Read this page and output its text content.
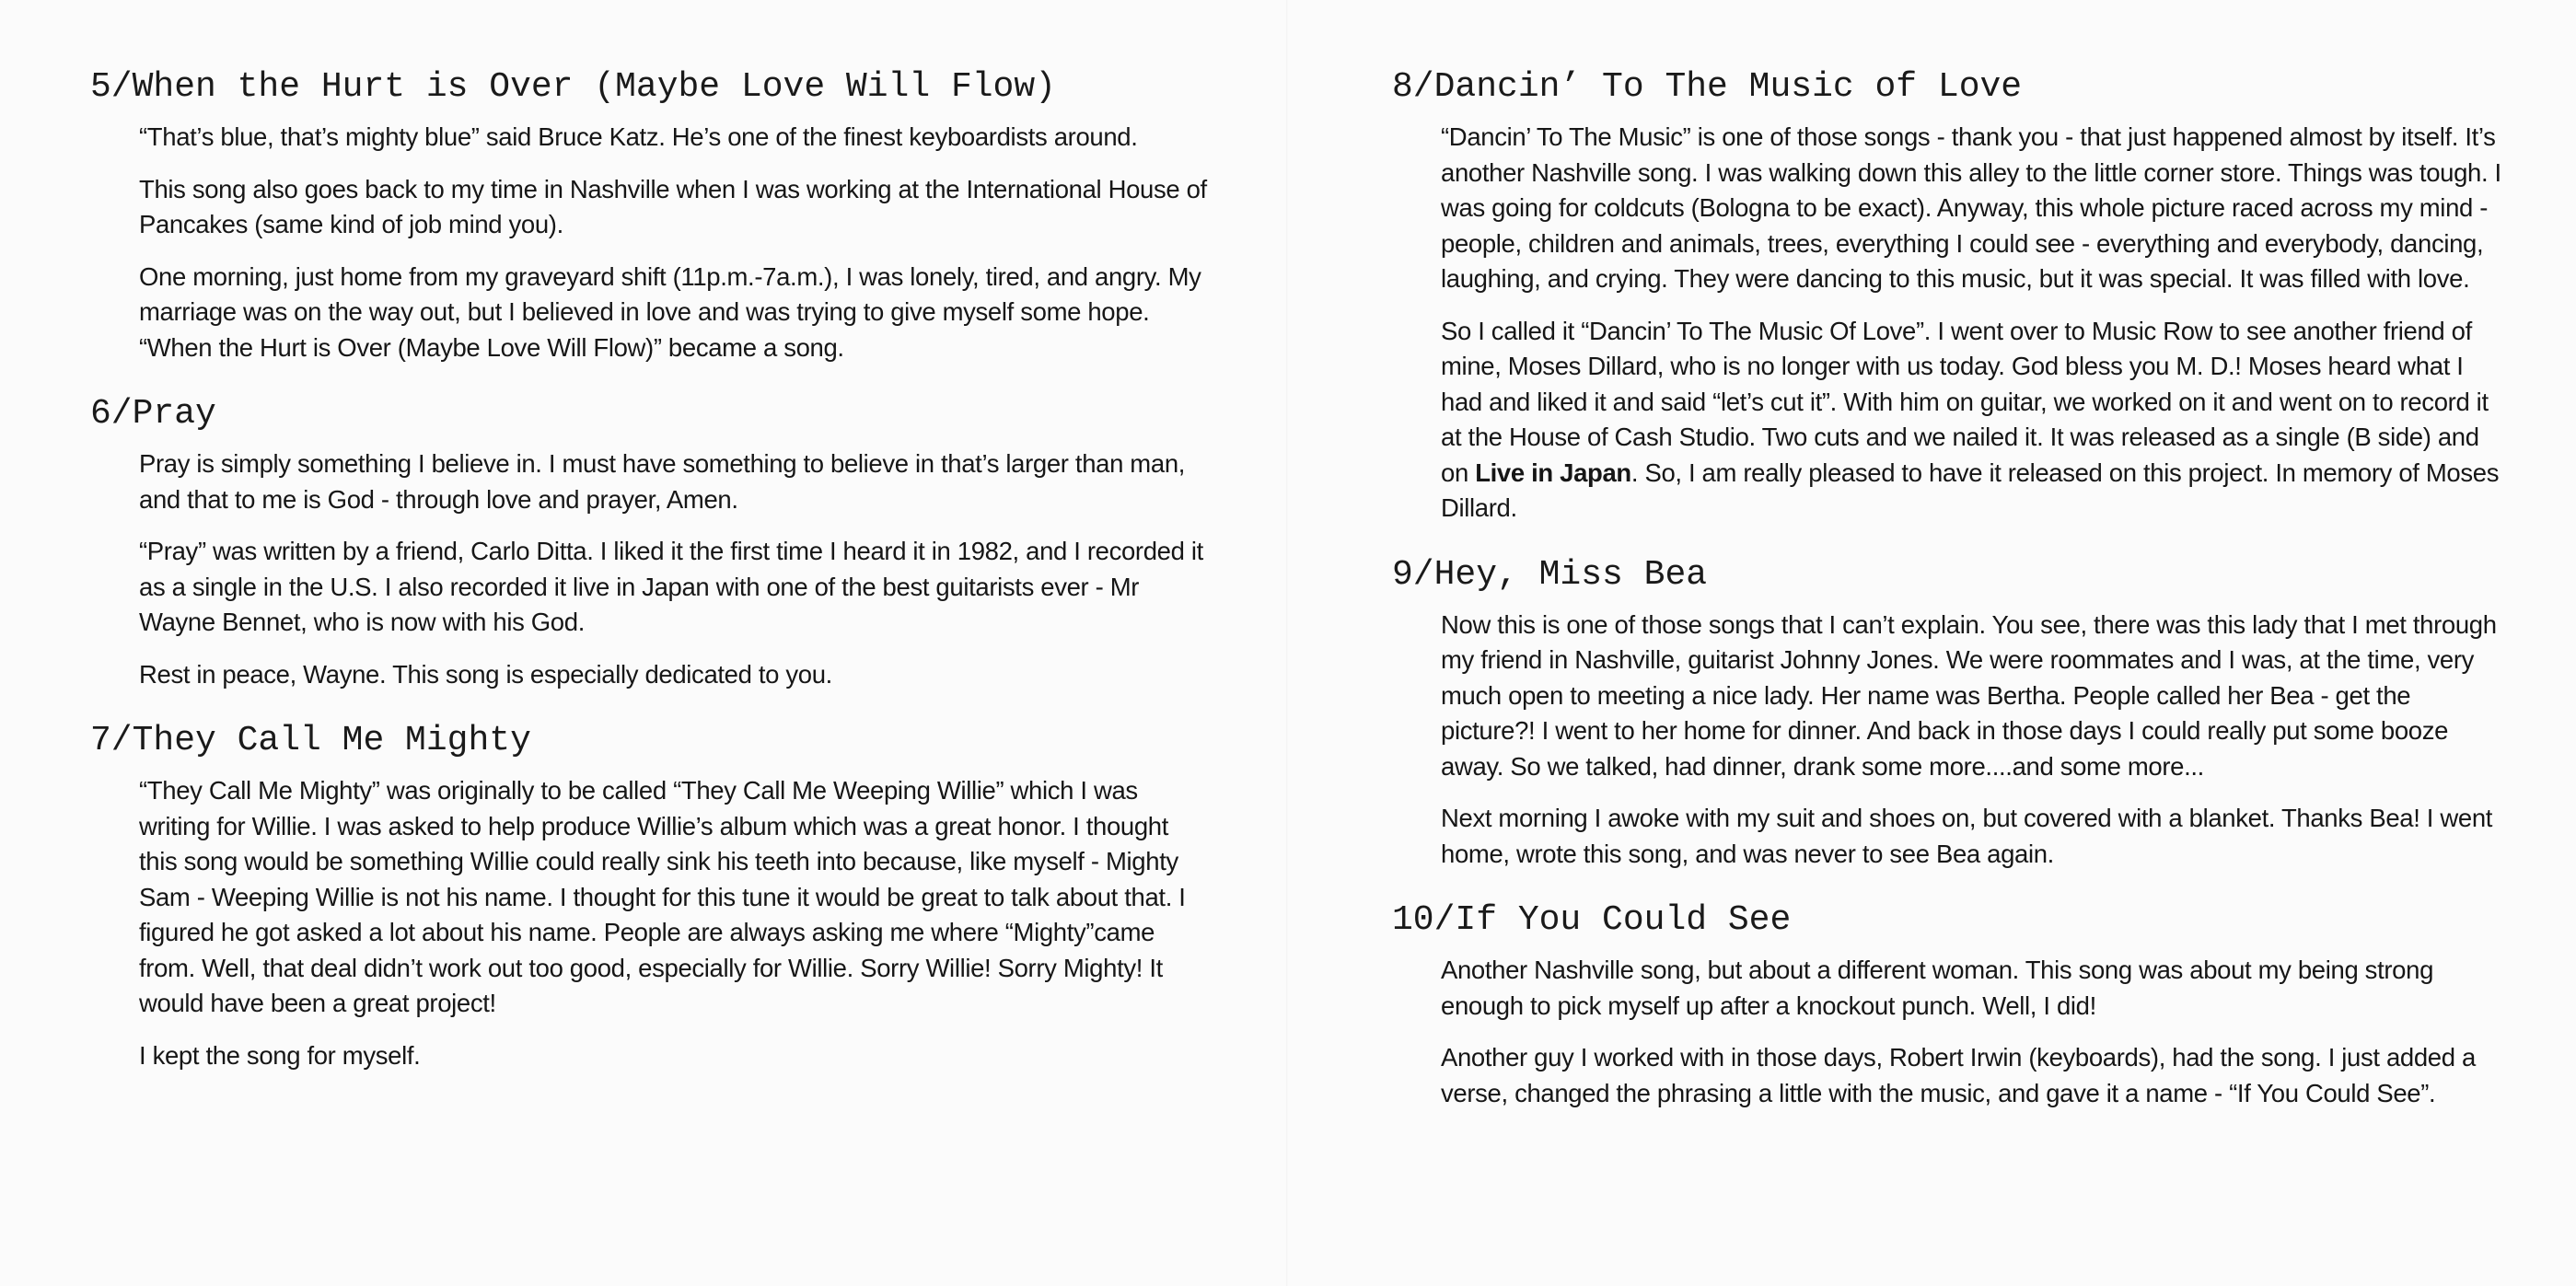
5/When the Hurt is Over (Maybe Love Will Flow)

“That’s blue, that’s mighty blue” said Bruce Katz. He’s one of the finest keyboardists around.

This song also goes back to my time in Nashville when I was working at the International House of Pancakes (same kind of job mind you).

One morning, just home from my graveyard shift (11p.m.-7a.m.), I was lonely, tired, and angry. My marriage was on the way out, but I believed in love and was trying to give myself some hope. “When the Hurt is Over (Maybe Love Will Flow)” became a song.

6/Pray

Pray is simply something I believe in. I must have something to believe in that’s larger than man, and that to me is God - through love and prayer, Amen.

“Pray” was written by a friend, Carlo Ditta. I liked it the first time I heard it in 1982, and I recorded it as a single in the U.S. I also recorded it live in Japan with one of the best guitarists ever - Mr Wayne Bennet, who is now with his God.

Rest in peace, Wayne. This song is especially dedicated to you.

7/They Call Me Mighty

“They Call Me Mighty” was originally to be called “They Call Me Weeping Willie” which I was writing for Willie. I was asked to help produce Willie’s album which was a great honor. I thought this song would be something Willie could really sink his teeth into because, like myself - Mighty Sam - Weeping Willie is not his name. I thought for this tune it would be great to talk about that. I figured he got asked a lot about his name. People are always asking me where “Mighty”came from. Well, that deal didn’t work out too good, especially for Willie. Sorry Willie! Sorry Mighty! It would have been a great project!

I kept the song for myself.

8/Dancin’ To The Music of Love

“Dancin’ To The Music” is one of those songs - thank you - that just happened almost by itself. It’s another Nashville song. I was walking down this alley to the little corner store. Things was tough. I was going for coldcuts (Bologna to be exact). Anyway, this whole picture raced across my mind - people, children and animals, trees, everything I could see - everything and everybody, dancing, laughing, and crying. They were dancing to this music, but it was special. It was filled with love.

So I called it “Dancin’ To The Music Of Love”. I went over to Music Row to see another friend of mine, Moses Dillard, who is no longer with us today. God bless you M. D.! Moses heard what I had and liked it and said “let’s cut it”. With him on guitar, we worked on it and went on to record it at the House of Cash Studio. Two cuts and we nailed it. It was released as a single (B side) and on Live in Japan. So, I am really pleased to have it released on this project. In memory of Moses Dillard.

9/Hey, Miss Bea

Now this is one of those songs that I can’t explain. You see, there was this lady that I met through my friend in Nashville, guitarist Johnny Jones. We were roommates and I was, at the time, very much open to meeting a nice lady. Her name was Bertha. People called her Bea - get the picture?! I went to her home for dinner. And back in those days I could really put some booze away. So we talked, had dinner, drank some more....and some more...

Next morning I awoke with my suit and shoes on, but covered with a blanket. Thanks Bea! I went home, wrote this song, and was never to see Bea again.

10/If You Could See

Another Nashville song, but about a different woman. This song was about my being strong enough to pick myself up after a knockout punch. Well, I did!

Another guy I worked with in those days, Robert Irwin (keyboards), had the song. I just added a verse, changed the phrasing a little with the music, and gave it a name - “If You Could See”.
